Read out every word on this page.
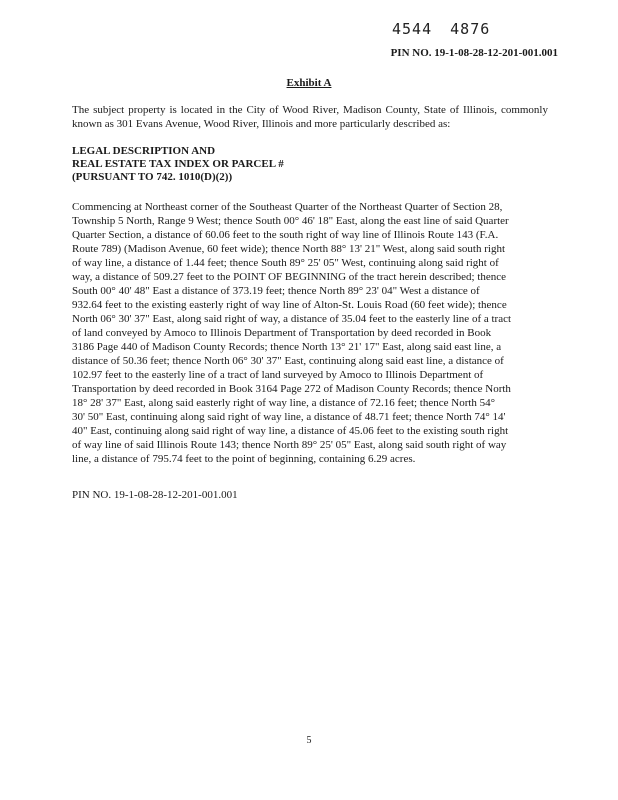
4544 4876
PIN NO. 19-1-08-28-12-201-001.001
Exhibit A
The subject property is located in the City of Wood River, Madison County, State of Illinois, commonly known as 301 Evans Avenue, Wood River, Illinois and more particularly described as:
LEGAL DESCRIPTION AND
REAL ESTATE TAX INDEX OR PARCEL #
(PURSUANT TO 742. 1010(D)(2))
Commencing at Northeast corner of the Southeast Quarter of the Northeast Quarter of Section 28,
Township 5 North, Range 9 West; thence South 00° 46' 18" East, along the east line of said Quarter
Quarter Section, a distance of 60.06 feet to the south right of way line of Illinois Route 143 (F.A.
Route 789) (Madison Avenue, 60 feet wide); thence North 88° 13' 21" West, along said south right
of way line, a distance of 1.44 feet; thence South 89° 25' 05" West, continuing along said right of
way, a distance of 509.27 feet to the POINT OF BEGINNING of the tract herein described; thence
South 00° 40' 48" East a distance of 373.19 feet; thence North 89° 23' 04" West a distance of
932.64 feet to the existing easterly right of way line of Alton-St. Louis Road (60 feet wide); thence
North 06° 30' 37" East, along said right of way, a distance of 35.04 feet to the easterly line of a tract
of land conveyed by Amoco to Illinois Department of Transportation by deed recorded in Book
3186 Page 440 of Madison County Records; thence North 13° 21' 17" East, along said east line, a
distance of 50.36 feet; thence North 06° 30' 37" East, continuing along said east line, a distance of
102.97 feet to the easterly line of a tract of land surveyed by Amoco to Illinois Department of
Transportation by deed recorded in Book 3164 Page 272 of Madison County Records; thence North
18° 28' 37" East, along said easterly right of way line, a distance of 72.16 feet; thence North 54°
30' 50" East, continuing along said right of way line, a distance of 48.71 feet; thence North 74° 14'
40" East, continuing along said right of way line, a distance of 45.06 feet to the existing south right
of way line of said Illinois Route 143; thence North 89° 25' 05" East, along said south right of way
line, a distance of 795.74 feet to the point of beginning, containing 6.29 acres.
PIN NO. 19-1-08-28-12-201-001.001
5
